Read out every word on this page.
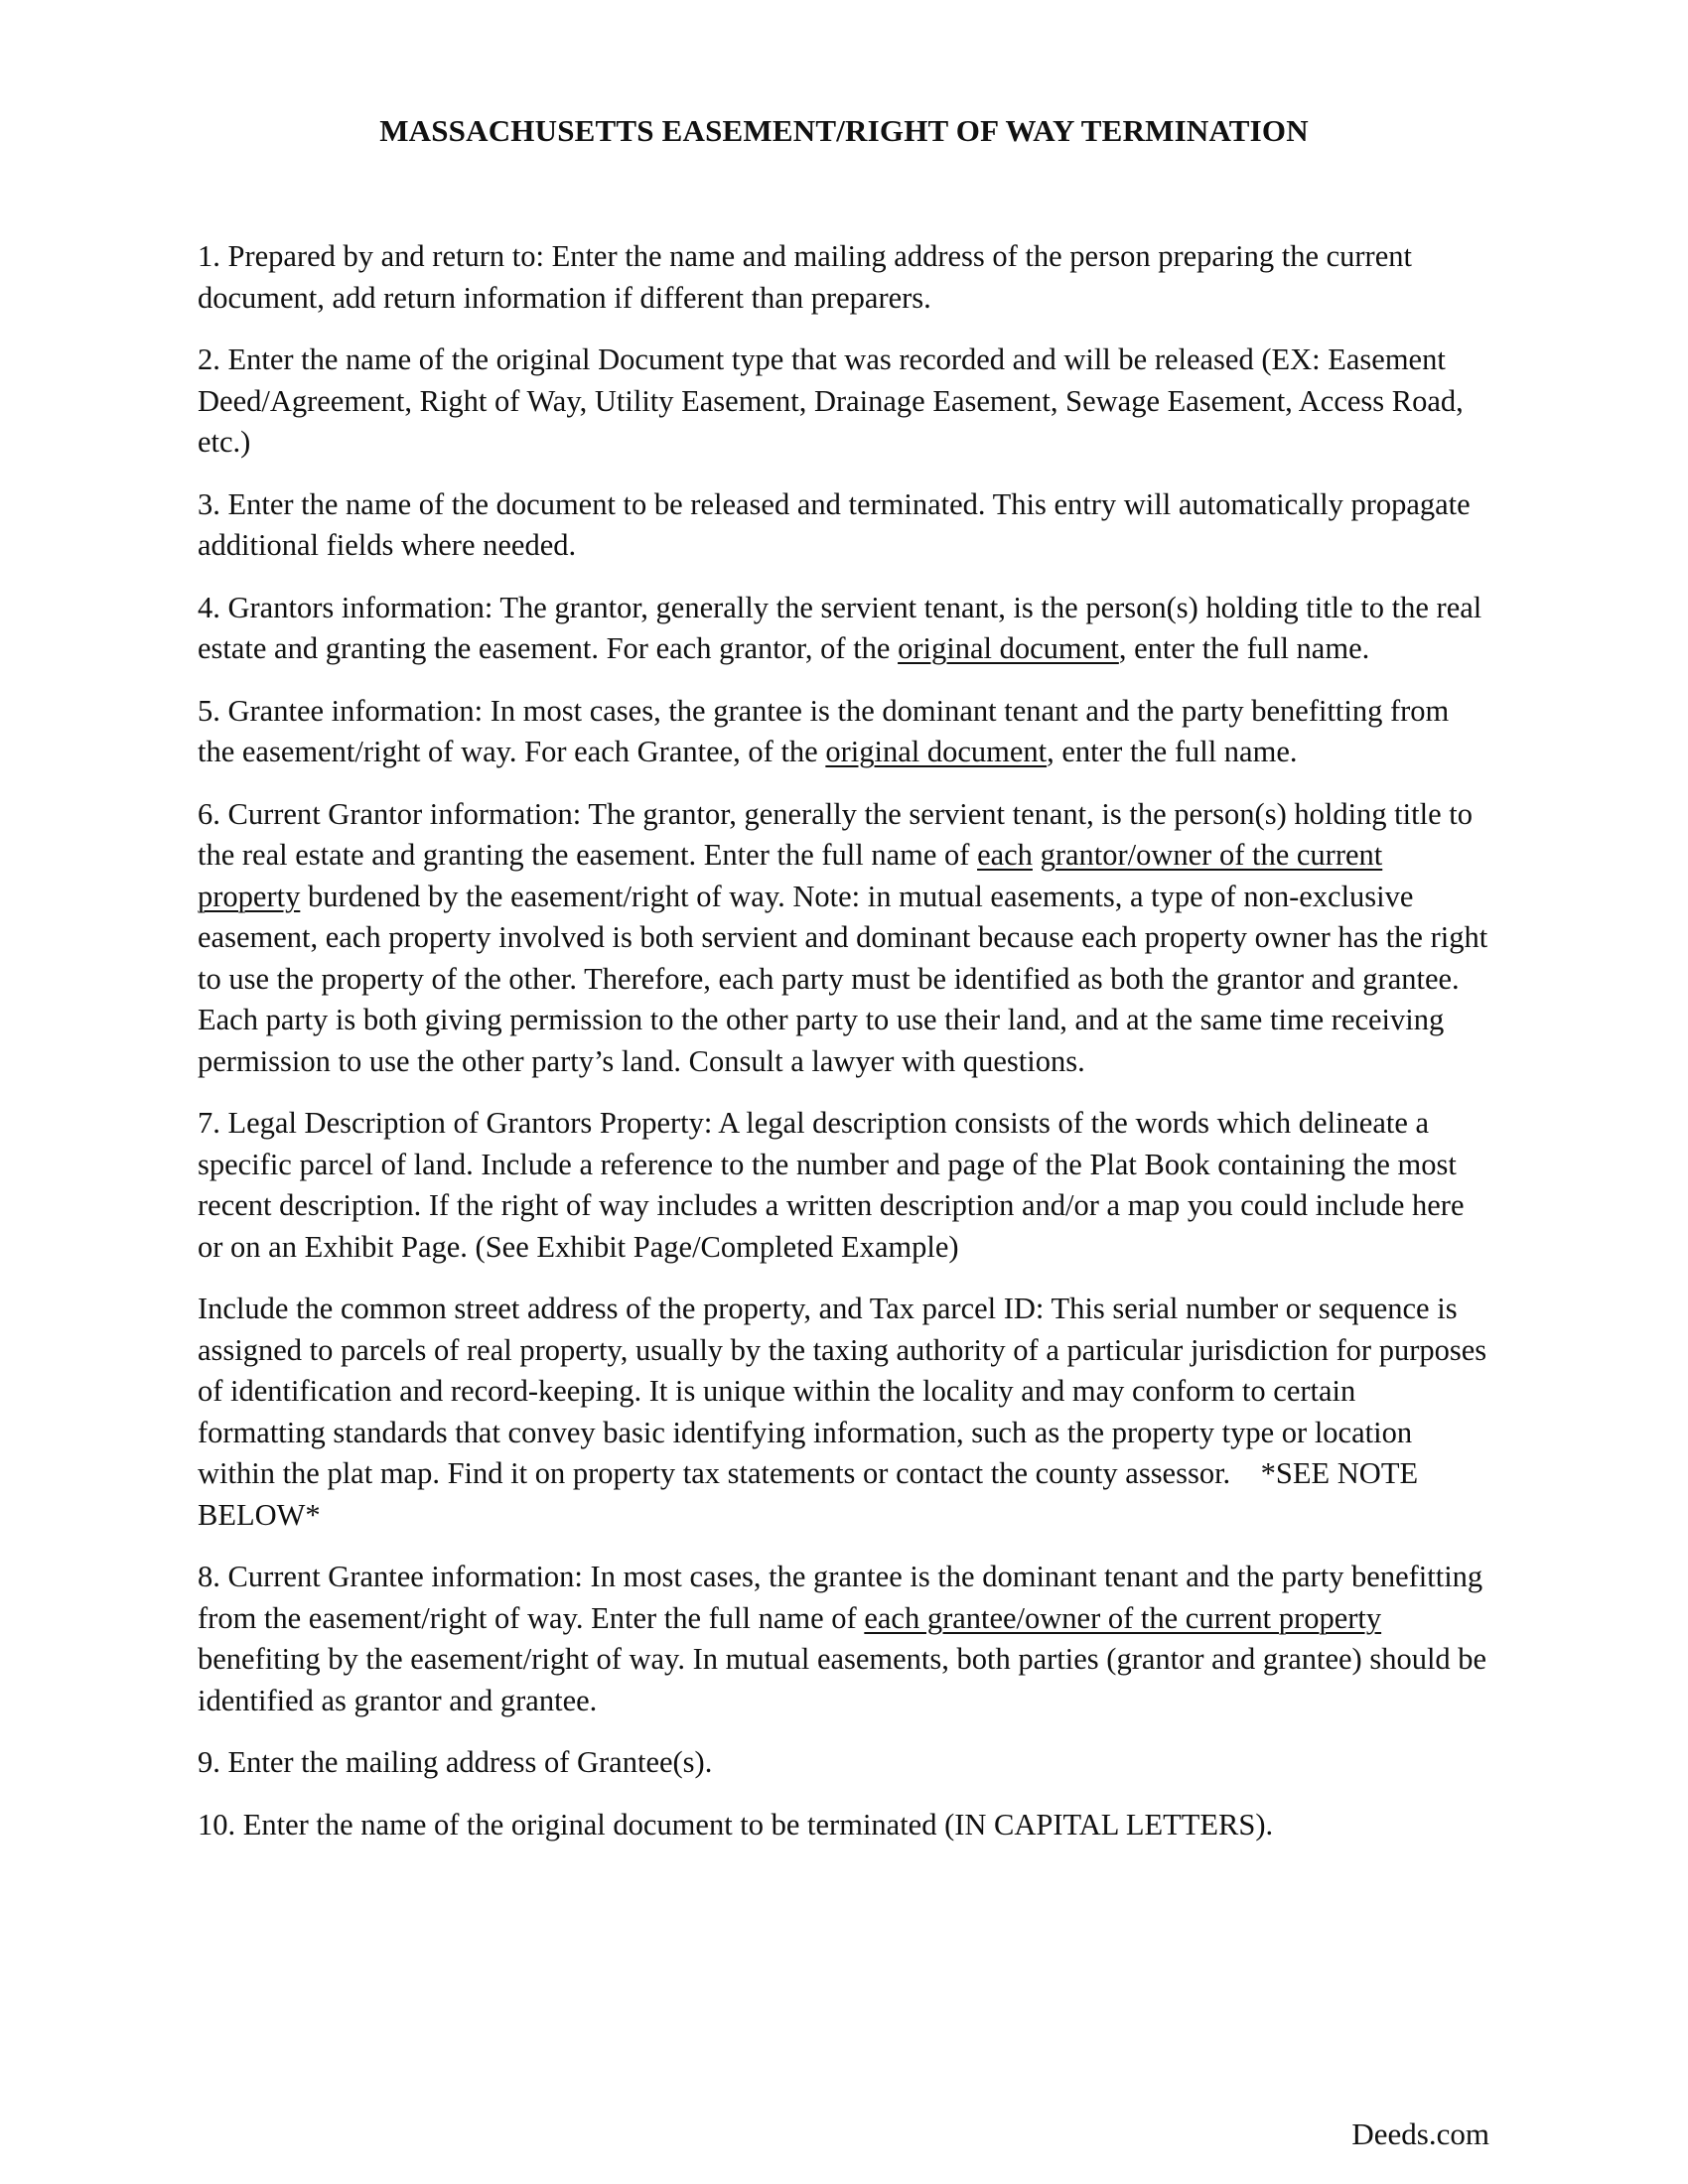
MASSACHUSETTS EASEMENT/RIGHT OF WAY TERMINATION

1. Prepared by and return to: Enter the name and mailing address of the person preparing the current document, add return information if different than preparers.

2. Enter the name of the original Document type that was recorded and will be released (EX: Easement Deed/Agreement, Right of Way, Utility Easement, Drainage Easement, Sewage Easement, Access Road, etc.)

3. Enter the name of the document to be released and terminated. This entry will automatically propagate additional fields where needed.

4. Grantors information: The grantor, generally the servient tenant, is the person(s) holding title to the real estate and granting the easement. For each grantor, of the original document, enter the full name.

5. Grantee information: In most cases, the grantee is the dominant tenant and the party benefitting from the easement/right of way. For each Grantee, of the original document, enter the full name.

6. Current Grantor information: The grantor, generally the servient tenant, is the person(s) holding title to the real estate and granting the easement. Enter the full name of each grantor/owner of the current property burdened by the easement/right of way. Note: in mutual easements, a type of non-exclusive easement, each property involved is both servient and dominant because each property owner has the right to use the property of the other. Therefore, each party must be identified as both the grantor and grantee. Each party is both giving permission to the other party to use their land, and at the same time receiving permission to use the other party’s land. Consult a lawyer with questions.

7. Legal Description of Grantors Property: A legal description consists of the words which delineate a specific parcel of land. Include a reference to the number and page of the Plat Book containing the most recent description. If the right of way includes a written description and/or a map you could include here or on an Exhibit Page. (See Exhibit Page/Completed Example)

Include the common street address of the property, and Tax parcel ID: This serial number or sequence is assigned to parcels of real property, usually by the taxing authority of a particular jurisdiction for purposes of identification and record-keeping. It is unique within the locality and may conform to certain formatting standards that convey basic identifying information, such as the property type or location within the plat map. Find it on property tax statements or contact the county assessor.    *SEE NOTE BELOW*

8. Current Grantee information: In most cases, the grantee is the dominant tenant and the party benefitting from the easement/right of way. Enter the full name of each grantee/owner of the current property benefiting by the easement/right of way. In mutual easements, both parties (grantor and grantee) should be identified as grantor and grantee.

9. Enter the mailing address of Grantee(s).

10. Enter the name of the original document to be terminated (IN CAPITAL LETTERS).

Deeds.com
